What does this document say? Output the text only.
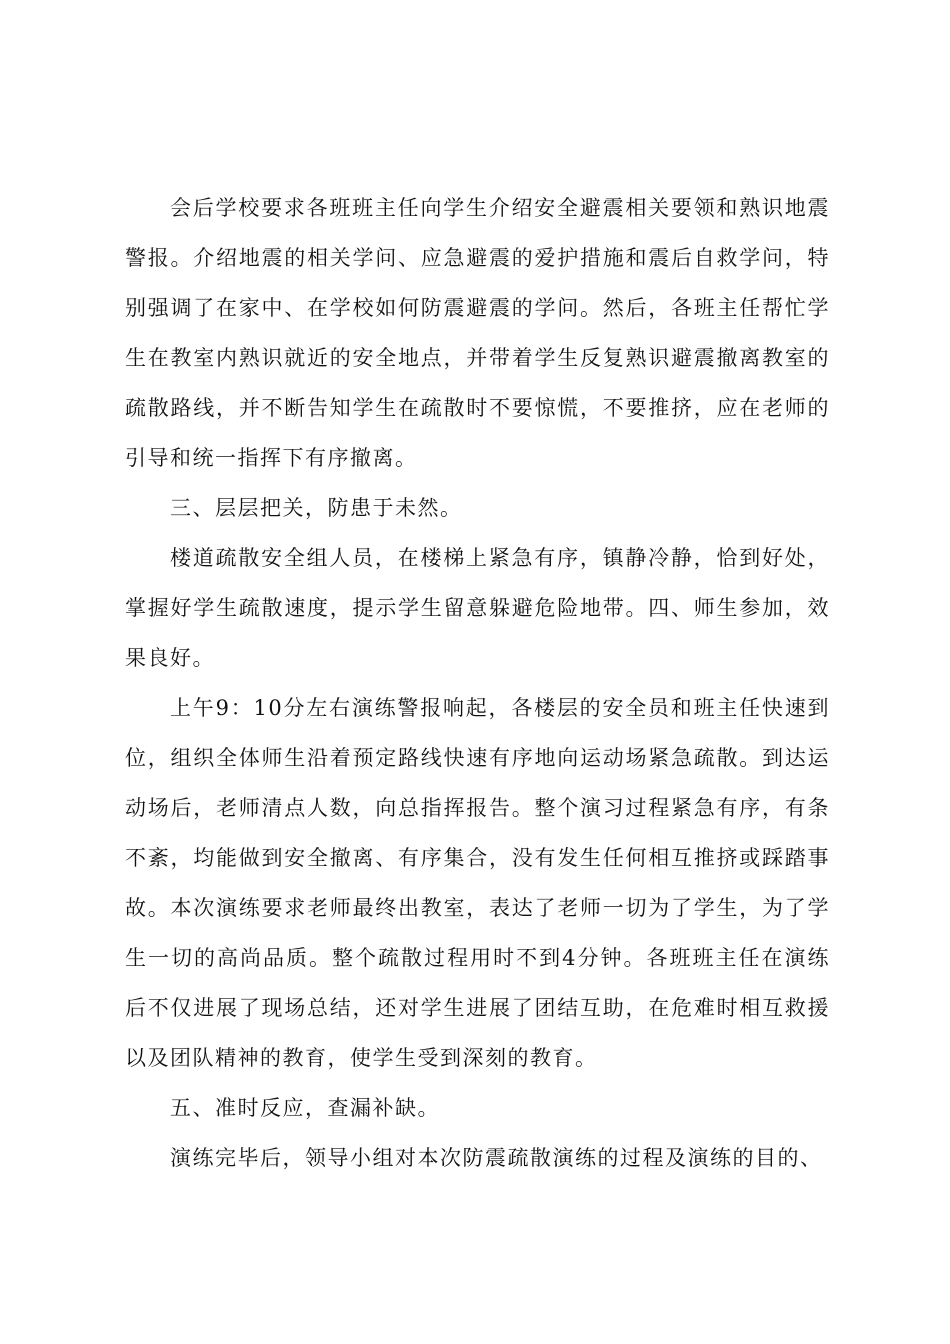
会后学校要求各班班主任向学生介绍安全避震相关要领和熟识地震警报。介绍地震的相关学问、应急避震的爱护措施和震后自救学问，特别强调了在家中、在学校如何防震避震的学问。然后，各班主任帮忙学生在教室内熟识就近的安全地点，并带着学生反复熟识避震撤离教室的疏散路线，并不断告知学生在疏散时不要惊慌，不要推挤，应在老师的引导和统一指挥下有序撤离。

三、层层把关，防患于未然。

楼道疏散安全组人员，在楼梯上紧急有序，镇静冷静，恰到好处，掌握好学生疏散速度，提示学生留意躲避危险地带。四、师生参加，效果良好。

上午9：10分左右演练警报响起，各楼层的安全员和班主任快速到位，组织全体师生沿着预定路线快速有序地向运动场紧急疏散。到达运动场后，老师清点人数，向总指挥报告。整个演习过程紧急有序，有条不紊，均能做到安全撤离、有序集合，没有发生任何相互推挤或踩踏事故。本次演练要求老师最终出教室，表达了老师一切为了学生，为了学生一切的高尚品质。整个疏散过程用时不到4分钟。各班班主任在演练后不仅进展了现场总结，还对学生进展了团结互助，在危难时相互救援以及团队精神的教育，使学生受到深刻的教育。

五、准时反应，查漏补缺。

演练完毕后，领导小组对本次防震疏散演练的过程及演练的目的、
